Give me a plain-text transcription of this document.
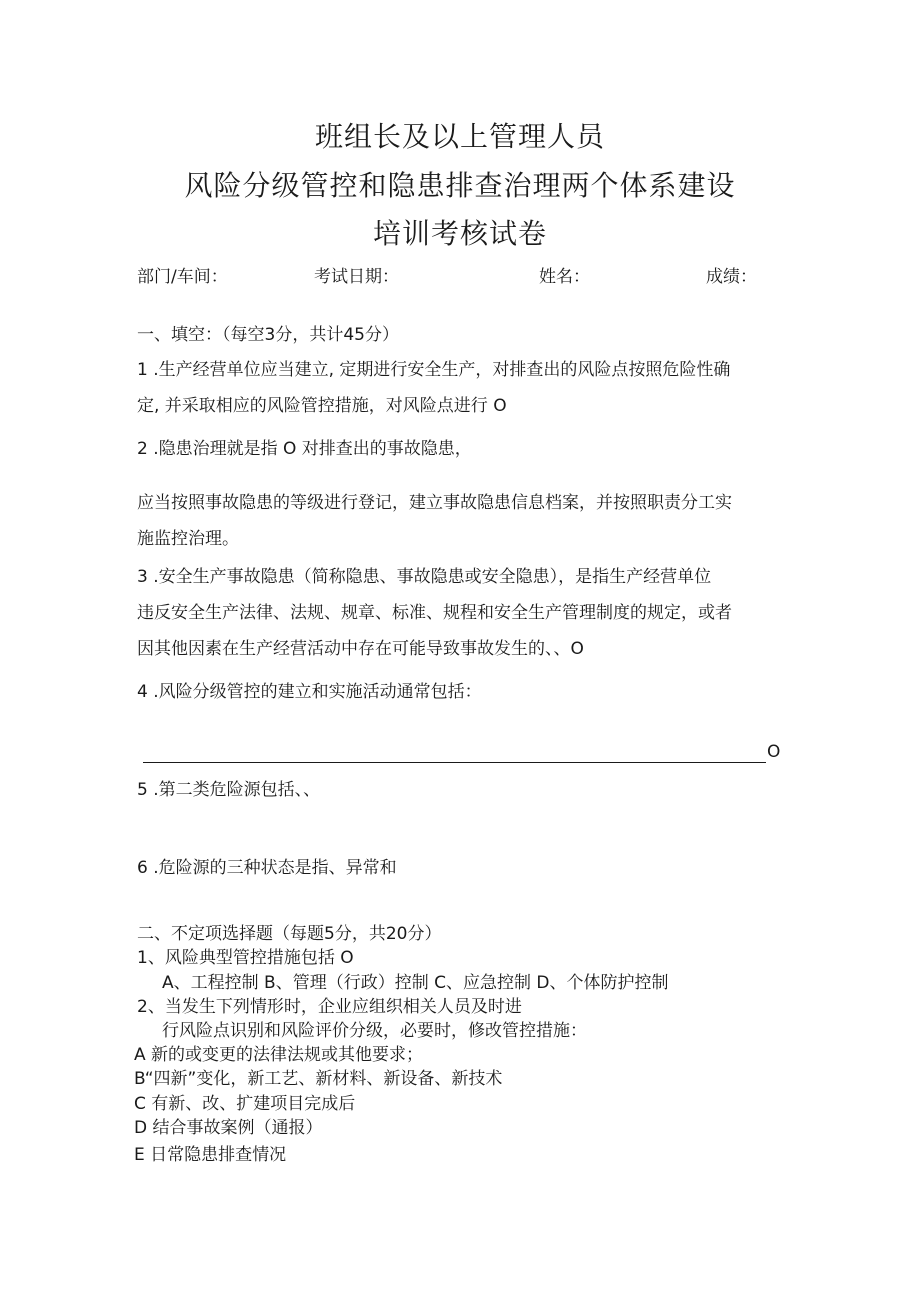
班组长及以上管理人员
风险分级管控和隐患排查治理两个体系建设
培训考核试卷
部门/车间：	考试日期：	姓名：	成绩：
一、填空：（每空3分，共计45分）
1 .生产经营单位应当建立, 定期进行安全生产，对排查出的风险点按照危险性确
定, 并采取相应的风险管控措施，对风险点进行 O
2 .隐患治理就是指 O 对排查出的事故隐患，
应当按照事故隐患的等级进行登记，建立事故隐患信息档案，并按照职责分工实
施监控治理。
3 .安全生产事故隐患（简称隐患、事故隐患或安全隐患），是指生产经营单位
违反安全生产法律、法规、规章、标准、规程和安全生产管理制度的规定，或者
因其他因素在生产经营活动中存在可能导致事故发生的、、O
4 .风险分级管控的建立和实施活动通常包括：
O
5 .第二类危险源包括、、
6 .危险源的三种状态是指、异常和
二、不定项选择题（每题5分，共20分）
1、风险典型管控措施包括 O
A、工程控制 B、管理（行政）控制 C、应急控制 D、个体防护控制
2、当发生下列情形时，企业应组织相关人员及时进
行风险点识别和风险评价分级，必要时，修改管控措施：
A 新的或变更的法律法规或其他要求；
B“四新”变化，新工艺、新材料、新设备、新技术
C 有新、改、扩建项目完成后
D 结合事故案例（通报）
E 日常隐患排查情况
